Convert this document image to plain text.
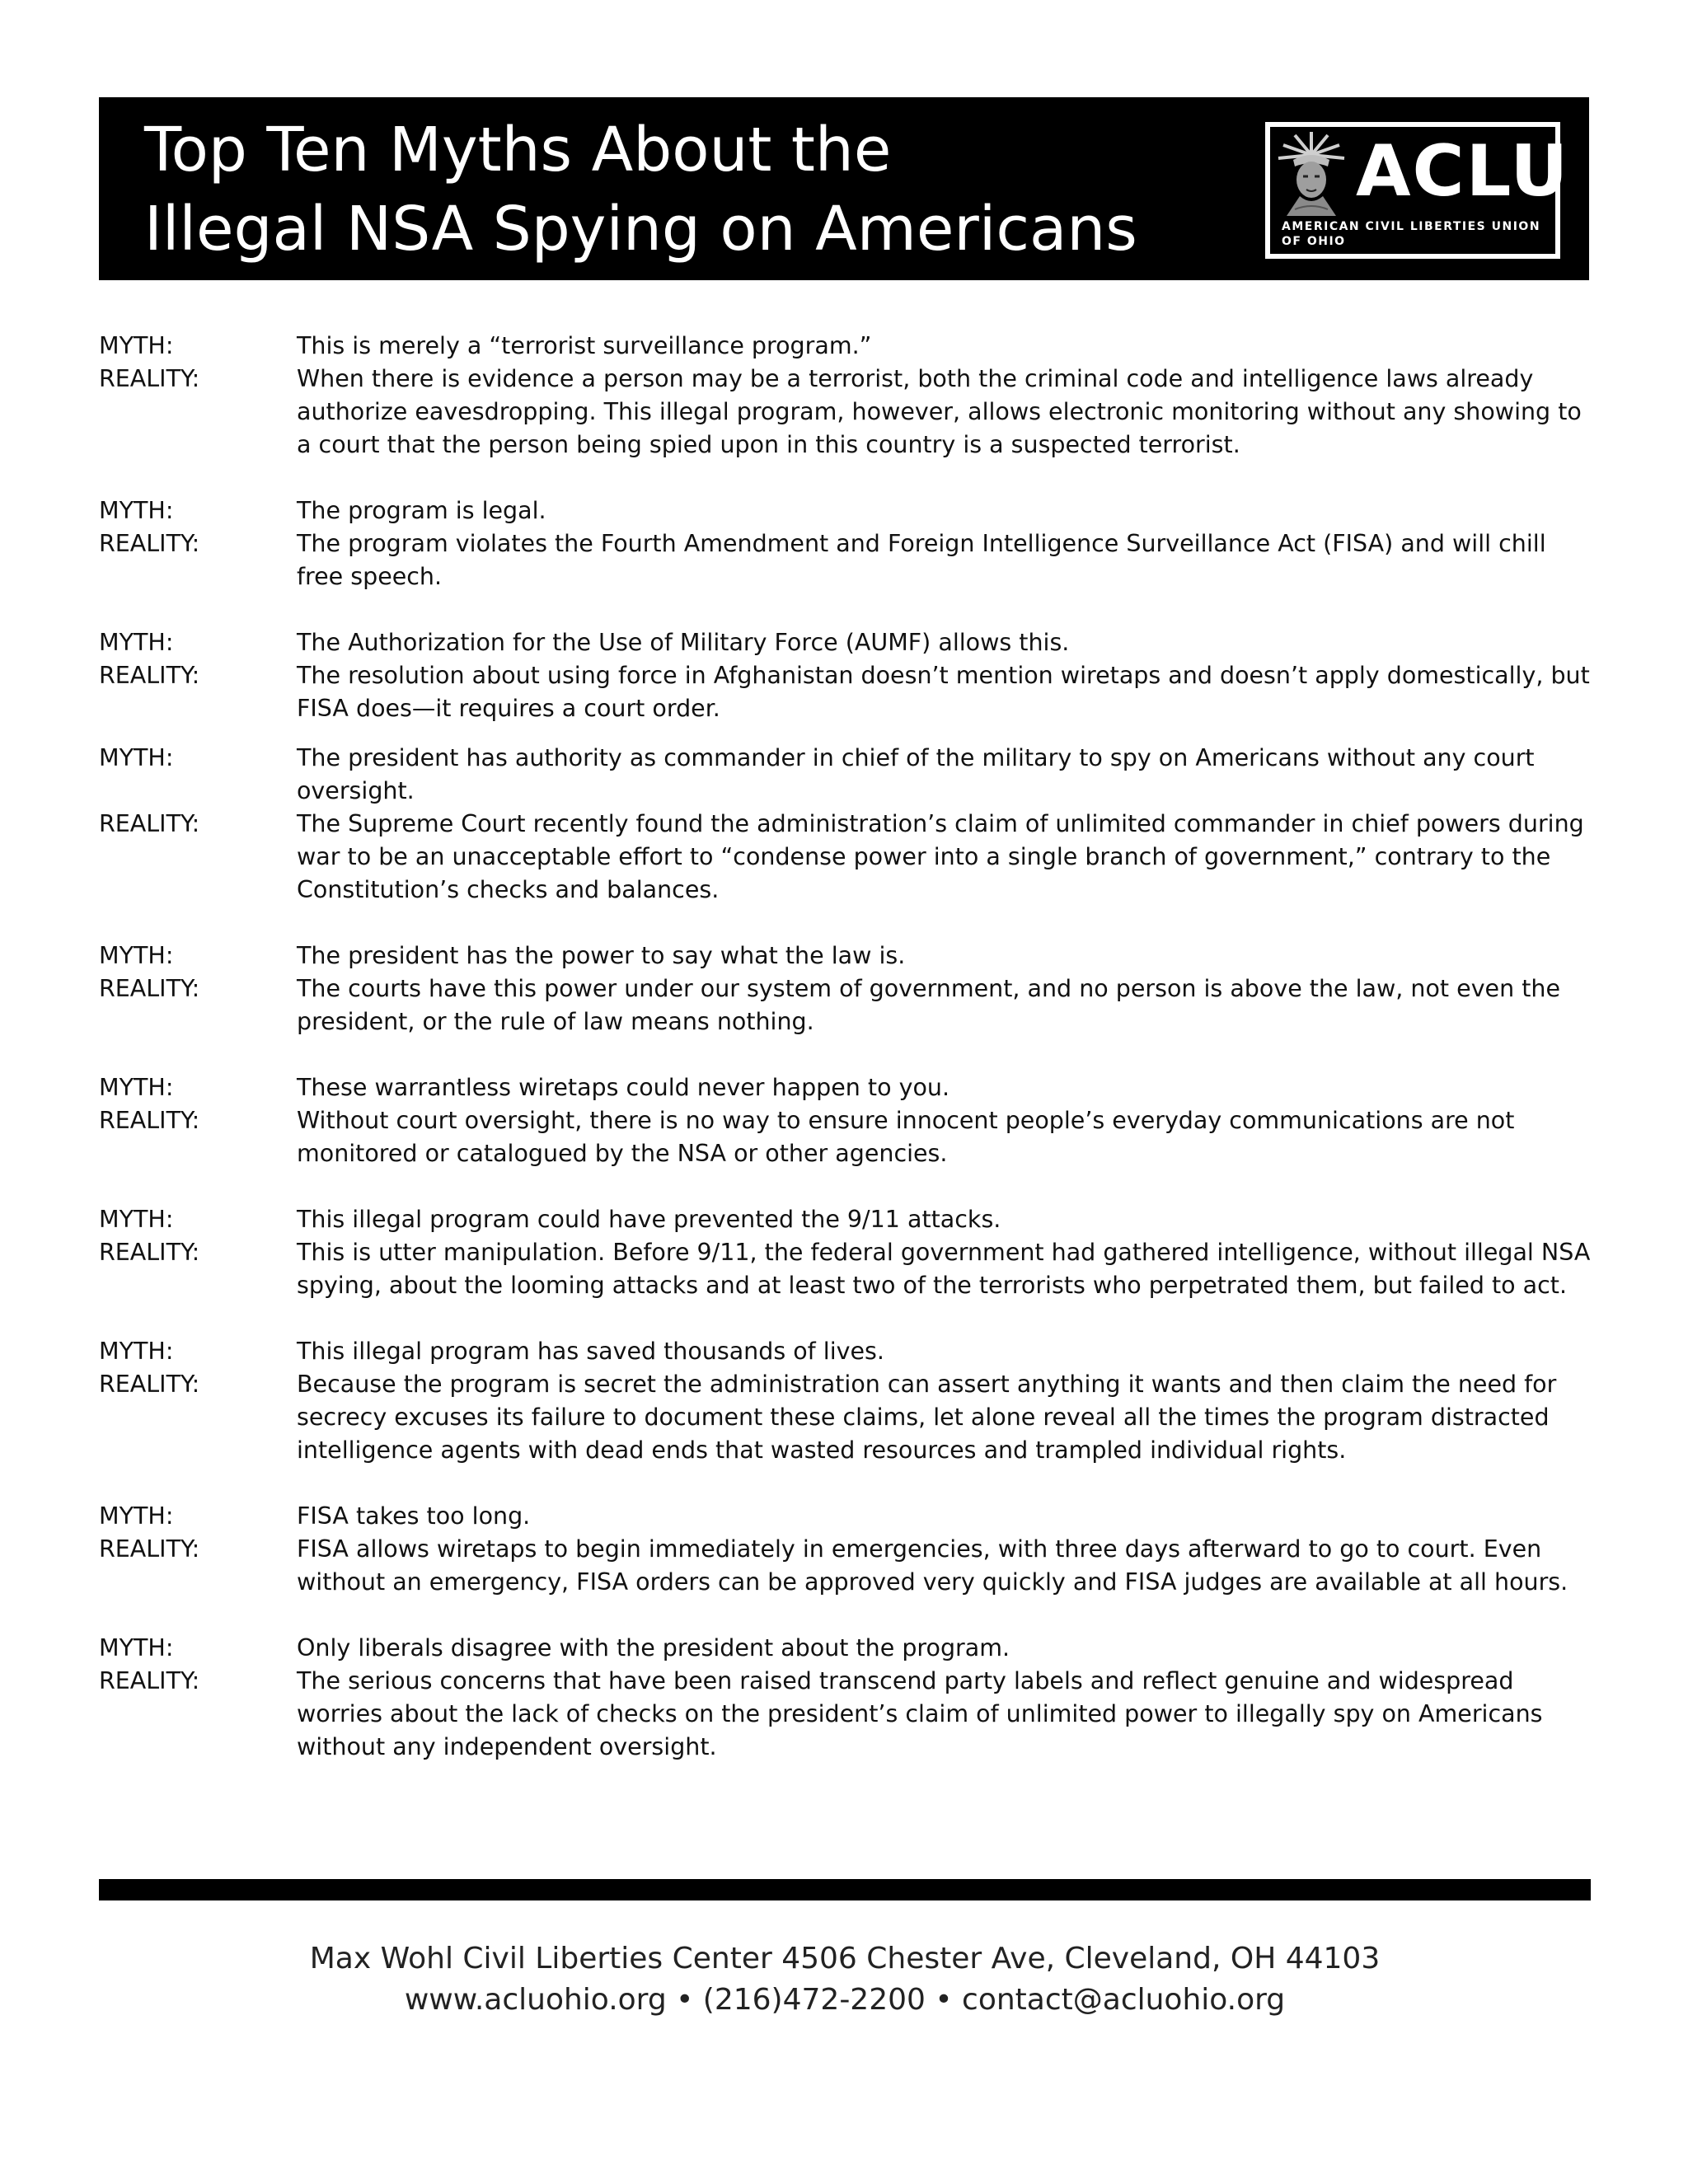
Top Ten Myths About the
Illegal NSA Spying on Americans
ACLU
AMERICAN CIVIL LIBERTIES UNION
OF OHIO
MYTH:	This is merely a “terrorist surveillance program.”
REALITY:	When there is evidence a person may be a terrorist, both the criminal code and intelligence laws already authorize eavesdropping. This illegal program, however, allows electronic monitoring without any showing to a court that the person being spied upon in this country is a suspected terrorist.
MYTH:	The program is legal.
REALITY:	The program violates the Fourth Amendment and Foreign Intelligence Surveillance Act (FISA) and will chill free speech.
MYTH:	The Authorization for the Use of Military Force (AUMF) allows this.
REALITY:	The resolution about using force in Afghanistan doesn’t mention wiretaps and doesn’t apply domestically, but FISA does—it requires a court order.
MYTH:	The president has authority as commander in chief of the military to spy on Americans without any court oversight.
REALITY:	The Supreme Court recently found the administration’s claim of unlimited commander in chief powers during war to be an unacceptable effort to “condense power into a single branch of government,” contrary to the Constitution’s checks and balances.
MYTH:	The president has the power to say what the law is.
REALITY:	The courts have this power under our system of government, and no person is above the law, not even the president, or the rule of law means nothing.
MYTH:	These warrantless wiretaps could never happen to you.
REALITY:	Without court oversight, there is no way to ensure innocent people’s everyday communications are not monitored or catalogued by the NSA or other agencies.
MYTH:	This illegal program could have prevented the 9/11 attacks.
REALITY:	This is utter manipulation. Before 9/11, the federal government had gathered intelligence, without illegal NSA spying, about the looming attacks and at least two of the terrorists who perpetrated them, but failed to act.
MYTH:	This illegal program has saved thousands of lives.
REALITY:	Because the program is secret the administration can assert anything it wants and then claim the need for secrecy excuses its failure to document these claims, let alone reveal all the times the program distracted intelligence agents with dead ends that wasted resources and trampled individual rights.
MYTH:	FISA takes too long.
REALITY:	FISA allows wiretaps to begin immediately in emergencies, with three days afterward to go to court. Even without an emergency, FISA orders can be approved very quickly and FISA judges are available at all hours.
MYTH:	Only liberals disagree with the president about the program.
REALITY:	The serious concerns that have been raised transcend party labels and reflect genuine and widespread worries about the lack of checks on the president’s claim of unlimited power to illegally spy on Americans without any independent oversight.
Max Wohl Civil Liberties Center 4506 Chester Ave, Cleveland, OH 44103
www.acluohio.org • (216)472-2200 • contact@acluohio.org
